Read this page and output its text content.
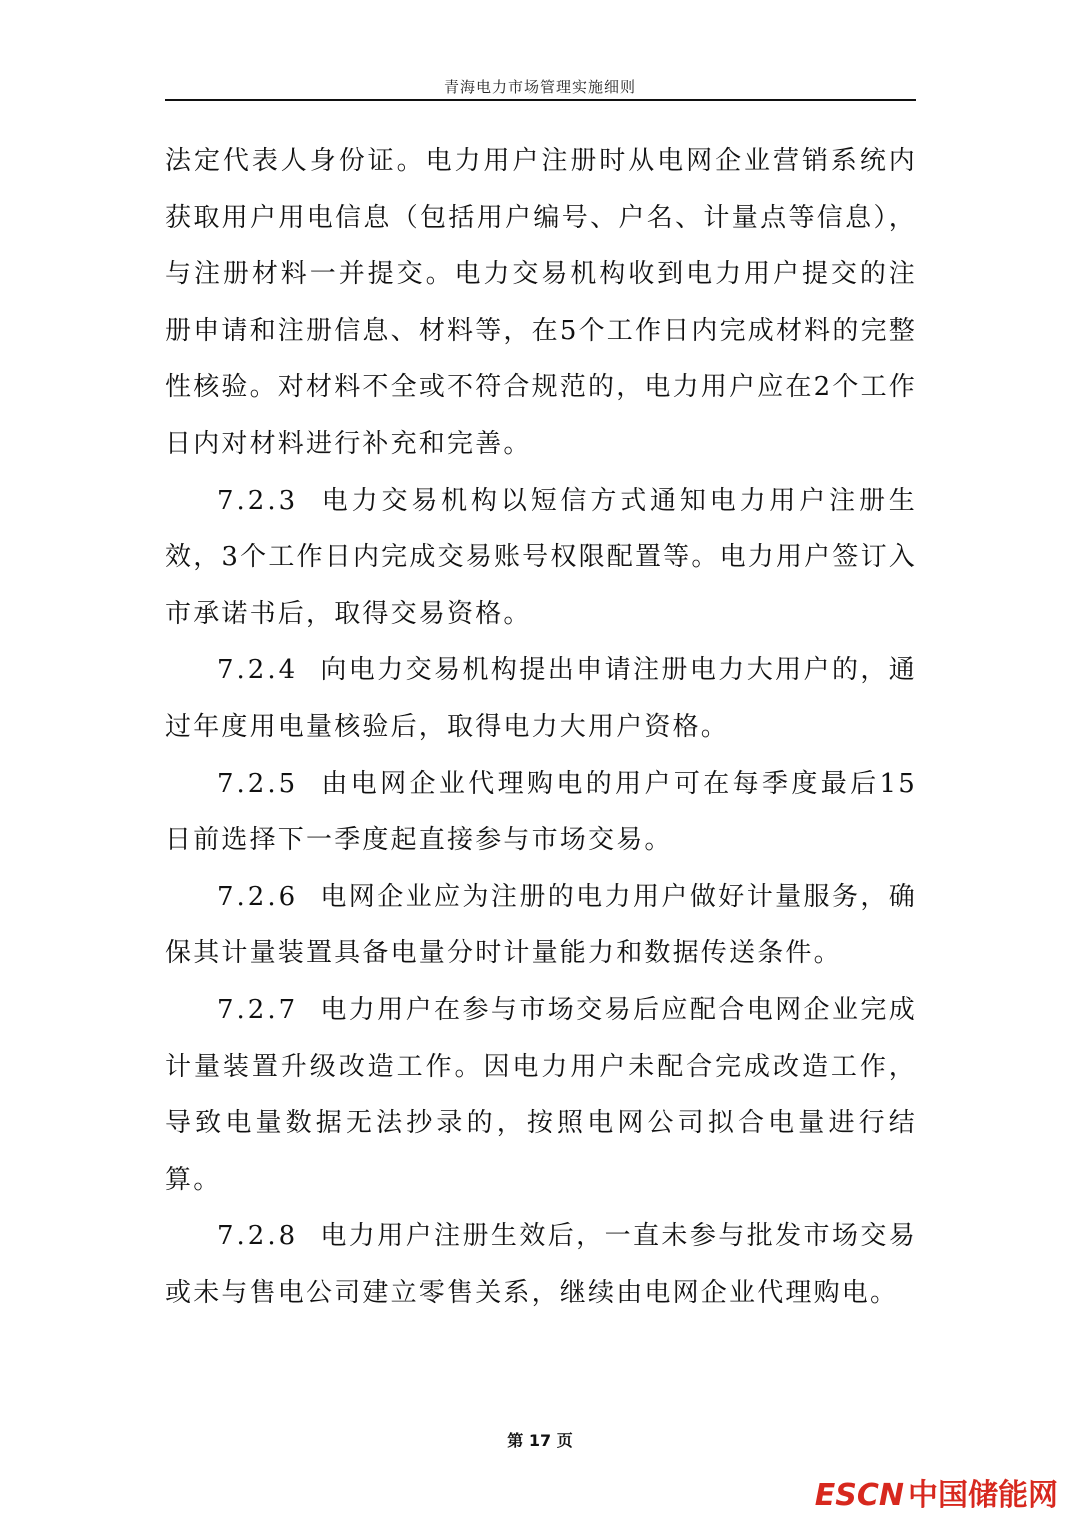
青海电力市场管理实施细则

法定代表人身份证。电力用户注册时从电网企业营销系统内获取用户用电信息（包括用户编号、户名、计量点等信息），与注册材料一并提交。电力交易机构收到电力用户提交的注册申请和注册信息、材料等，在5个工作日内完成材料的完整性核验。对材料不全或不符合规范的，电力用户应在2个工作日内对材料进行补充和完善。

7.2.3 电力交易机构以短信方式通知电力用户注册生效，3个工作日内完成交易账号权限配置等。电力用户签订入市承诺书后，取得交易资格。

7.2.4 向电力交易机构提出申请注册电力大用户的，通过年度用电量核验后，取得电力大用户资格。

7.2.5 由电网企业代理购电的用户可在每季度最后15日前选择下一季度起直接参与市场交易。

7.2.6 电网企业应为注册的电力用户做好计量服务，确保其计量装置具备电量分时计量能力和数据传送条件。

7.2.7 电力用户在参与市场交易后应配合电网企业完成计量装置升级改造工作。因电力用户未配合完成改造工作，导致电量数据无法抄录的，按照电网公司拟合电量进行结算。

7.2.8 电力用户注册生效后，一直未参与批发市场交易或未与售电公司建立零售关系，继续由电网企业代理购电。

第 17 页
ESCN 中国储能网
